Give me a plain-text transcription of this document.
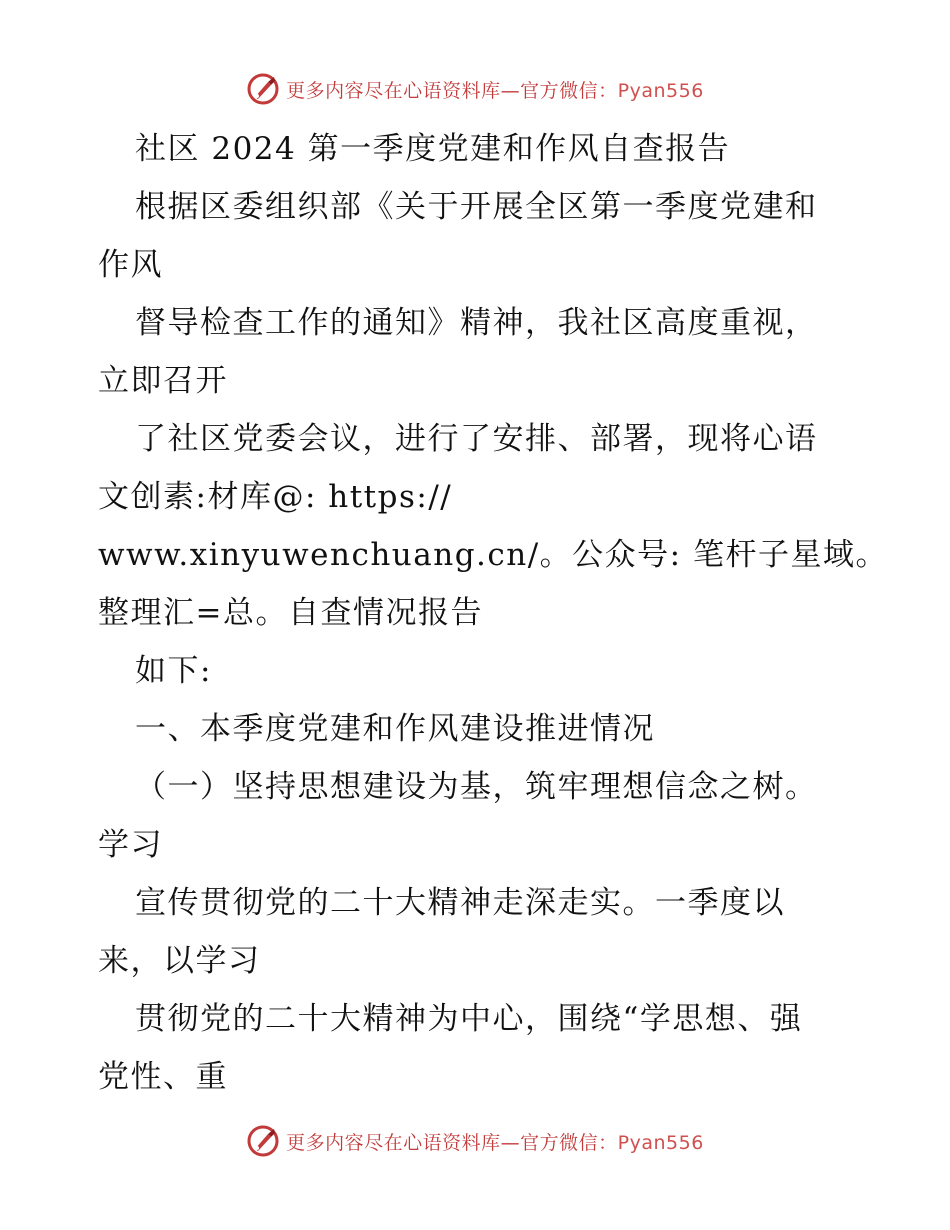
更多内容尽在心语资料库—官方微信：Pyan556
社区 2024 第一季度党建和作风自查报告
根据区委组织部《关于开展全区第一季度党建和
作风
督导检查工作的通知》精神，我社区高度重视，
立即召开
了社区党委会议，进行了安排、部署，现将心语
文创素:材库@: https://
www.xinyuwenchuang.cn/。公众号: 笔杆子星域。
整理汇=总。自查情况报告
如下:
一、本季度党建和作风建设推进情况
（一）坚持思想建设为基，筑牢理想信念之树。
学习
宣传贯彻党的二十大精神走深走实。一季度以
来，以学习
贯彻党的二十大精神为中心，围绕“学思想、强
党性、重
更多内容尽在心语资料库—官方微信：Pyan556
